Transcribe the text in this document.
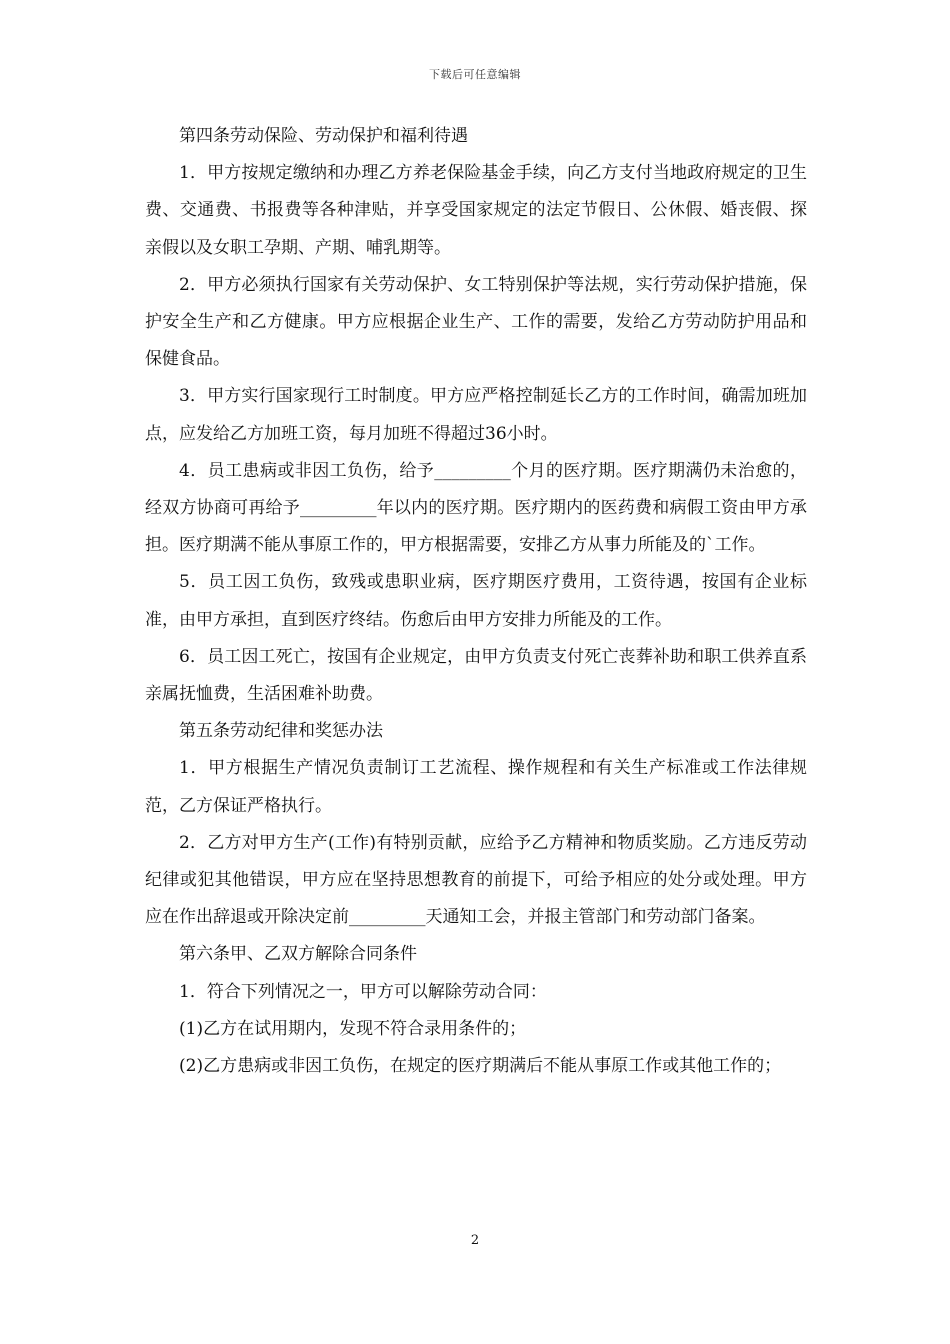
下载后可任意编辑

第四条劳动保险、劳动保护和福利待遇

1．甲方按规定缴纳和办理乙方养老保险基金手续，向乙方支付当地政府规定的卫生费、交通费、书报费等各种津贴，并享受国家规定的法定节假日、公休假、婚丧假、探亲假以及女职工孕期、产期、哺乳期等。

2．甲方必须执行国家有关劳动保护、女工特别保护等法规，实行劳动保护措施，保护安全生产和乙方健康。甲方应根据企业生产、工作的需要，发给乙方劳动防护用品和保健食品。

3．甲方实行国家现行工时制度。甲方应严格控制延长乙方的工作时间，确需加班加点，应发给乙方加班工资，每月加班不得超过36小时。

4．员工患病或非因工负伤，给予_________个月的医疗期。医疗期满仍未治愈的，经双方协商可再给予_________年以内的医疗期。医疗期内的医药费和病假工资由甲方承担。医疗期满不能从事原工作的，甲方根据需要，安排乙方从事力所能及的`工作。

5．员工因工负伤，致残或患职业病，医疗期医疗费用，工资待遇，按国有企业标准，由甲方承担，直到医疗终结。伤愈后由甲方安排力所能及的工作。

6．员工因工死亡，按国有企业规定，由甲方负责支付死亡丧葬补助和职工供养直系亲属抚恤费，生活困难补助费。

第五条劳动纪律和奖惩办法

1．甲方根据生产情况负责制订工艺流程、操作规程和有关生产标准或工作法律规范，乙方保证严格执行。

2．乙方对甲方生产(工作)有特别贡献，应给予乙方精神和物质奖励。乙方违反劳动纪律或犯其他错误，甲方应在坚持思想教育的前提下，可给予相应的处分或处理。甲方应在作出辞退或开除决定前_________天通知工会，并报主管部门和劳动部门备案。

第六条甲、乙双方解除合同条件

1．符合下列情况之一，甲方可以解除劳动合同：

(1)乙方在试用期内，发现不符合录用条件的；

(2)乙方患病或非因工负伤，在规定的医疗期满后不能从事原工作或其他工作的；

2
